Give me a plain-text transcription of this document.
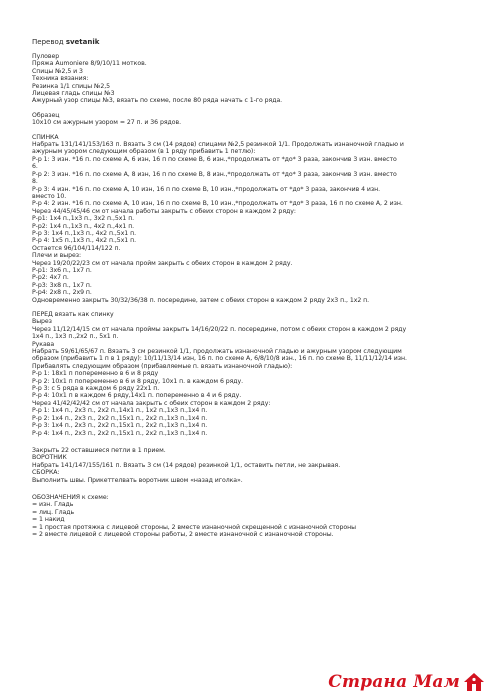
Перевод svetanik
Пуловер
Пряжа Aumoniere 8/9/10/11 мотков.
Спицы №2,5 и 3
Техника вязания:
Резинка 1/1 спицы №2,5
Лицевая гладь спицы №3
Ажурный узор спицы №3, вязать по схеме, после 80 ряда начать с 1-го ряда.
Образец
10х10 см ажурным узором = 27 п. и 36 рядов.
СПИНКА
Набрать 131/141/153/163 п. Вязать 3 см (14 рядов) спицами №2,5 резинкой 1/1. Продолжать изнаночной гладью и
ажурным узором следующим образом (в 1 ряду прибавить 1 петлю):
Р-р 1: 3 изн. *16 п. по схеме А, 6 изн, 16 п по схеме В, 6 изн.,*продолжать от *до* 3 раза, закончив 3 изн. вместо
6.
Р-р 2: 3 изн. *16 п. по схеме А, 8 изн, 16 п по схеме В, 8 изн.,*продолжать от *до* 3 раза, закончив 3 изн. вместо
8.
Р-р 3: 4 изн. *16 п. по схеме А, 10 изн, 16 п по схеме В, 10 изн.,*продолжать от *до* 3 раза, закончив 4 изн.
вместо 10.
Р-р 4: 2 изн. *16 п. по схеме А, 10 изн, 16 п по схеме В, 10 изн.,*продолжать от *до* 3 раза, 16 п по схеме А, 2 изн.
Через 44/45/45/46 см от начала работы закрыть с обеих сторон в каждом 2 ряду:
Р-р1: 1х4 п.,1х3 п., 3х2 п.,5х1 п.
Р-р2: 1х4 п.,1х3 п., 4х2 п.,4х1 п.
Р-р 3: 1х4 п.,1х3 п., 4х2 п.,5х1 п.
Р-р 4: 1х5 п.,1х3 п., 4х2 п.,5х1 п.
Остается 96/104/114/122 п.
Плечи и вырез:
Через 19/20/22/23 см от начала пройм закрыть с обеих сторон в каждом 2 ряду.
Р-р1: 3х6 п., 1х7 п.
Р-р2: 4х7 п.
Р-р3: 3х8 п., 1х7 п.
Р-р4: 2х8 п., 2х9 п.
Одновременно закрыть 30/32/36/38 п. посередине, затем с обеих сторон в каждом 2 ряду 2х3 п., 1х2 п.
ПЕРЕД вязать как спинку
Вырез
Через 11/12/14/15 см от начала проймы закрыть 14/16/20/22 п. посередине, потом с обеих сторон в каждом 2 ряду
1х4 п., 1х3 п.,2х2 п., 5х1 п.
Рукава
Набрать 59/61/65/67 п. Вязать 3 см резинкой 1/1, продолжать изнаночной гладью и ажурным узором следующим
образом (прибавить 1 п в 1 ряду): 10/11/13/14 изн, 16 п. по схеме А, 6/8/10/8 изн., 16 п. по схеме В, 11/11/12/14 изн.
Прибавлять следующим образом (прибавляемые п. вязать изнаночной гладью):
Р-р 1: 18х1 п попеременно в 6 и 8 ряду
Р-р 2: 10х1 п попеременно в 6 и 8 ряду, 10х1 п. в каждом 6 ряду.
Р-р 3: с 5 ряда в каждом 6 ряду 22х1 п.
Р-р 4: 10х1 п в каждом 6 ряду,14х1 п. попеременно в 4 и 6 ряду.
Через 41/42/42/42 см от начала закрыть с обеих сторон в каждом 2 ряду:
Р-р 1: 1х4 п., 2х3 п., 2х2 п.,14х1 п., 1х2 п.,1х3 п.,1х4 п.
Р-р 2: 1х4 п., 2х3 п., 2х2 п.,15х1 п., 2х2 п.,1х3 п.,1х4 п.
Р-р 3: 1х4 п., 2х3 п., 2х2 п.,15х1 п., 2х2 п.,1х3 п.,1х4 п.
Р-р 4: 1х4 п., 2х3 п., 2х2 п.,15х1 п., 2х2 п.,1х3 п.,1х4 п.
Закрыть 22 оставшиеся петли в 1 прием.
ВОРОТНИК
Набрать 141/147/155/161 п. Вязать 3 см (14 рядов) резинкой 1/1, оставить петли, не закрывая.
СБОРКА:
Выполнить швы. Прикеттелвать воротник швом «назад иголка».
ОБОЗНАЧЕНИЯ к схеме:
= изн. Гладь
= лиц. Гладь
= 1 накид
= 1 простая протяжка с лицевой стороны, 2 вместе изнаночной скрещенной с изнаночной стороны
= 2 вместе лицевой с лицевой стороны работы, 2 вместе изнаночной с изнаночной стороны.
Страна Мам
